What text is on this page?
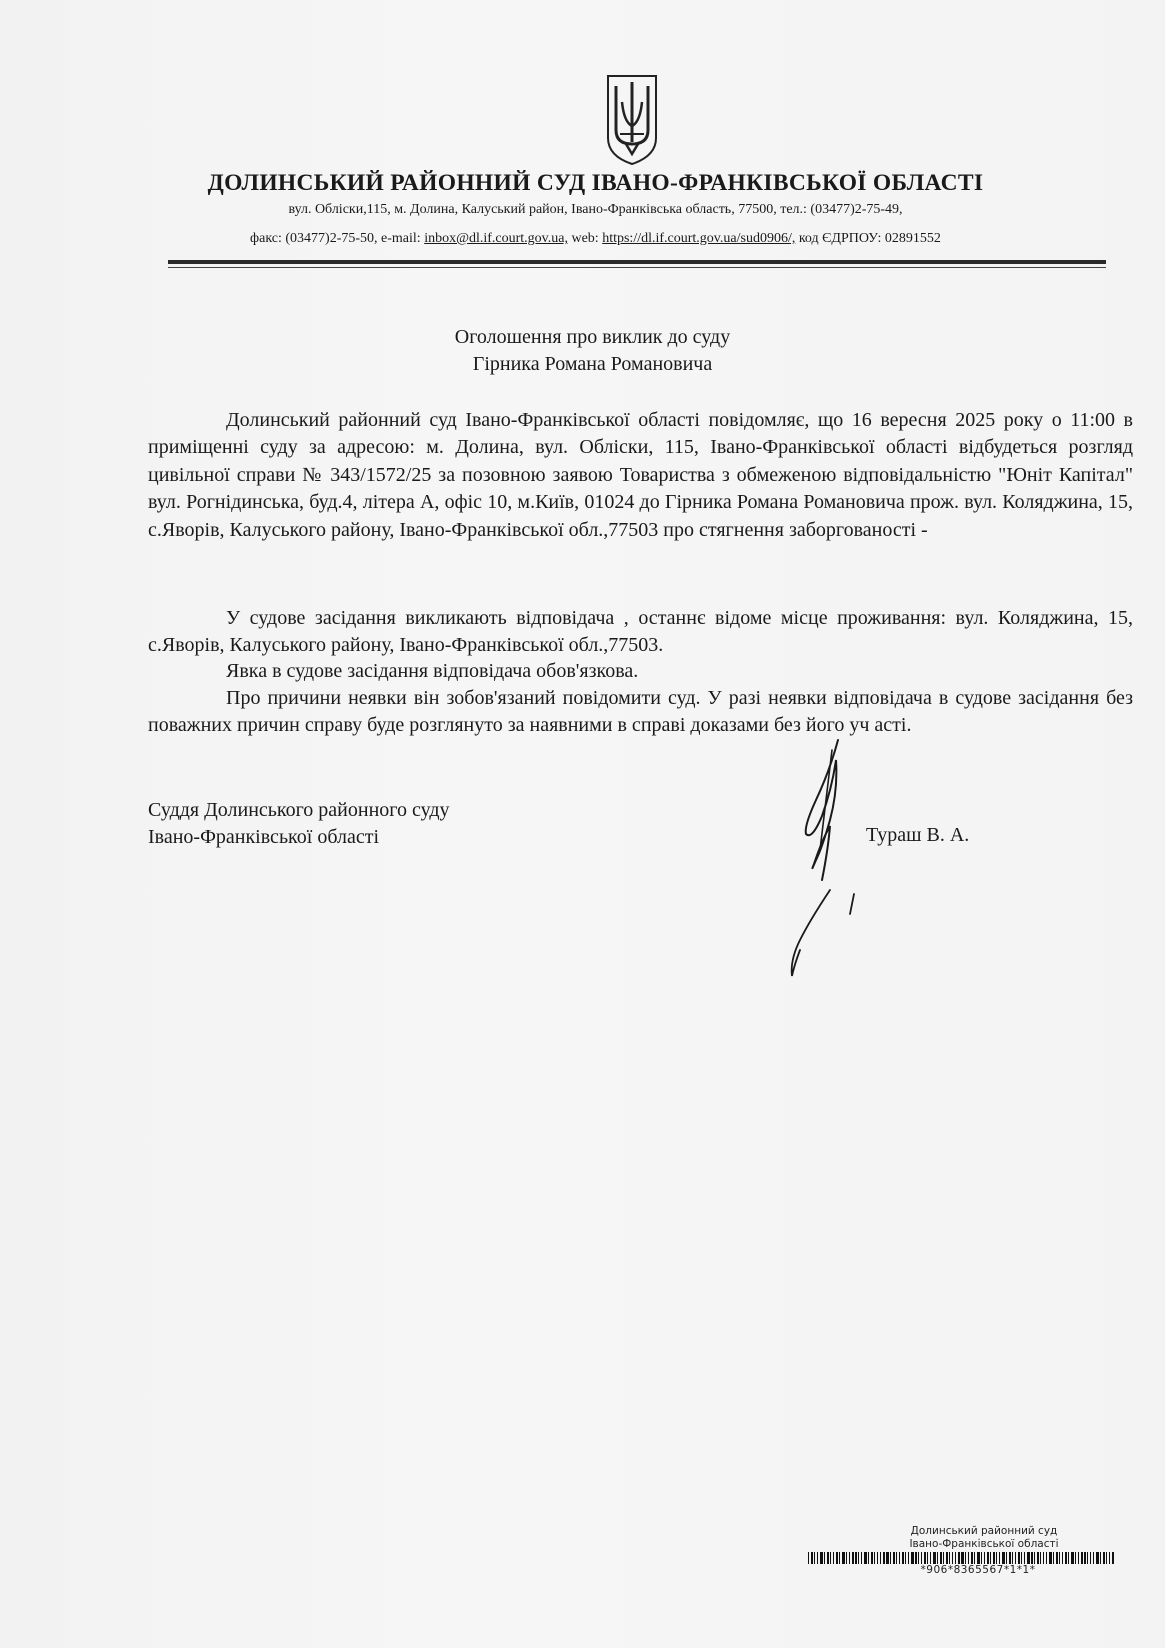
ДОЛИНСЬКИЙ РАЙОННИЙ СУД ІВАНО-ФРАНКІВСЬКОЇ ОБЛАСТІ
вул. Обліски,115, м. Долина, Калуський район, Івано-Франківська область, 77500, тел.: (03477)2-75-49,
факс: (03477)2-75-50, e-mail: inbox@dl.if.court.gov.ua, web: https://dl.if.court.gov.ua/sud0906/, код ЄДРПОУ: 02891552
Оголошення про виклик до суду
Гірника Романа Романовича

Долинський районний суд Івано-Франківської області повідомляє, що 16 вересня 2025 року о 11:00 в приміщенні суду за адресою: м. Долина, вул. Обліски, 115, Івано-Франківської області відбудеться розгляд цивільної справи № 343/1572/25 за позовною заявою Товариства з обмеженою відповідальністю "Юніт Капітал" вул. Рогнідинська, буд.4, літера А, офіс 10, м.Київ, 01024 до Гірника Романа Романовича прож. вул. Коляджина, 15, с.Яворів, Калуського району, Івано-Франківської обл.,77503 про стягнення заборгованості -

У судове засідання викликають відповідача , останнє відоме місце проживання: вул. Коляджина, 15, с.Яворів, Калуського району, Івано-Франківської обл.,77503.

Явка в судове засідання відповідача обов'язкова.

Про причини неявки він зобов'язаний повідомити суд. У разі неявки відповідача в судове засідання без поважних причин справу буде розглянуто за наявними в справі доказами без його уч асті.

Суддя Долинського районного суду
Івано-Франківської області	Тураш В. А.
Долинський районний суд
Івано-Франківської області
*906*8365567*1*1*
